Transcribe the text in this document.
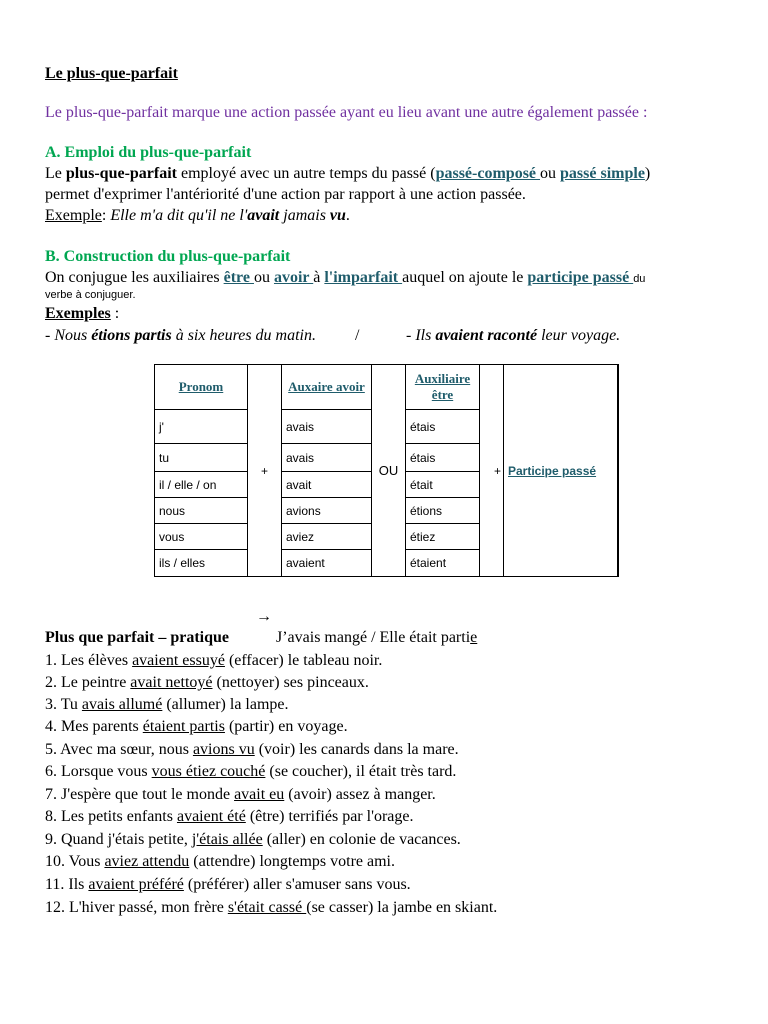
Le plus-que-parfait
Le plus-que-parfait marque une action passée ayant eu lieu avant une autre également passée :
A. Emploi du plus-que-parfait
Le plus-que-parfait employé avec un autre temps du passé (passé-composé ou passé simple)
permet d'exprimer l'antériorité d'une action par rapport à une action passée.
Exemple: Elle m'a dit qu'il ne l'avait jamais vu.
B. Construction du plus-que-parfait
On conjugue les auxiliaires être ou avoir à l'imparfait auquel on ajoute le participe passé du
verbe à conjuguer.
Exemples :
- Nous étions partis à six heures du matin. /	- Ils avaient raconté leur voyage.
Pronom	+	Auxaire avoir	OU	Auxiliaire être	+	Participe passé
j'		avais		étais		
tu		avais		étais		
il / elle / on		avait		était		
nous		avions		étions		
vous		aviez		étiez		
ils / elles		avaient		étaient		
Plus que parfait – pratique
→
J’avais mangé / Elle était partie
1. Les élèves avaient essuyé (effacer) le tableau noir.
2. Le peintre avait nettoyé (nettoyer) ses pinceaux.
3. Tu avais allumé (allumer) la lampe.
4. Mes parents étaient partis (partir) en voyage.
5. Avec ma sœur, nous avions vu (voir) les canards dans la mare.
6. Lorsque vous vous étiez couché (se coucher), il était très tard.
7. J'espère que tout le monde avait eu (avoir) assez à manger.
8. Les petits enfants avaient été (être) terrifiés par l'orage.
9. Quand j'étais petite, j'étais allée (aller) en colonie de vacances.
10. Vous aviez attendu (attendre) longtemps votre ami.
11. Ils avaient préféré (préférer) aller s'amuser sans vous.
12. L'hiver passé, mon frère s'était cassé (se casser) la jambe en skiant.
